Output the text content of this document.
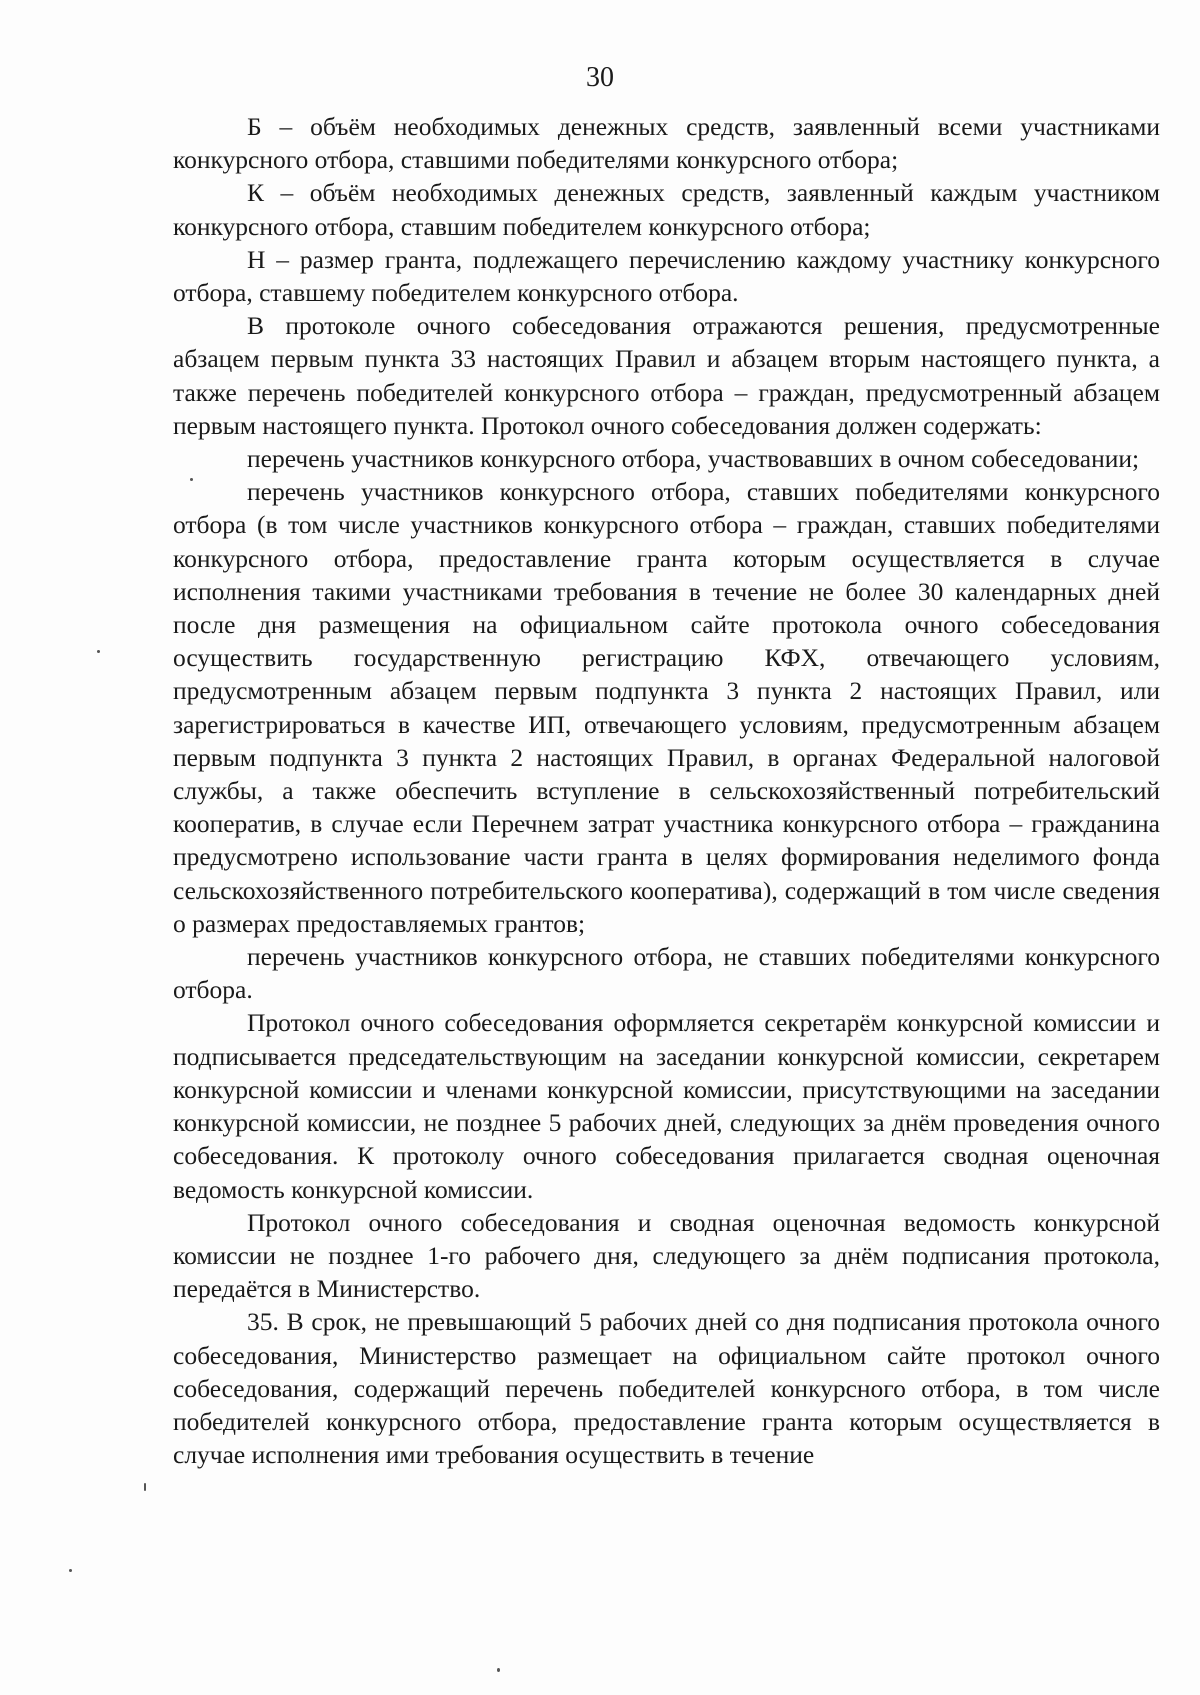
30

Б – объём необходимых денежных средств, заявленный всеми участниками конкурсного отбора, ставшими победителями конкурсного отбора;

К – объём необходимых денежных средств, заявленный каждым участником конкурсного отбора, ставшим победителем конкурсного отбора;

Н – размер гранта, подлежащего перечислению каждому участнику конкурсного отбора, ставшему победителем конкурсного отбора.

В протоколе очного собеседования отражаются решения, предусмотренные абзацем первым пункта 33 настоящих Правил и абзацем вторым настоящего пункта, а также перечень победителей конкурсного отбора – граждан, предусмотренный абзацем первым настоящего пункта. Протокол очного собеседования должен содержать:

перечень участников конкурсного отбора, участвовавших в очном собеседовании;

перечень участников конкурсного отбора, ставших победителями конкурсного отбора (в том числе участников конкурсного отбора – граждан, ставших победителями конкурсного отбора, предоставление гранта которым осуществляется в случае исполнения такими участниками требования в течение не более 30 календарных дней после дня размещения на официальном сайте протокола очного собеседования осуществить государственную регистрацию КФХ, отвечающего условиям, предусмотренным абзацем первым подпункта 3 пункта 2 настоящих Правил, или зарегистрироваться в качестве ИП, отвечающего условиям, предусмотренным абзацем первым подпункта 3 пункта 2 настоящих Правил, в органах Федеральной налоговой службы, а также обеспечить вступление в сельскохозяйственный потребительский кооператив, в случае если Перечнем затрат участника конкурсного отбора – гражданина предусмотрено использование части гранта в целях формирования неделимого фонда сельскохозяйственного потребительского кооператива), содержащий в том числе сведения о размерах предоставляемых грантов;

перечень участников конкурсного отбора, не ставших победителями конкурсного отбора.

Протокол очного собеседования оформляется секретарём конкурсной комиссии и подписывается председательствующим на заседании конкурсной комиссии, секретарем конкурсной комиссии и членами конкурсной комиссии, присутствующими на заседании конкурсной комиссии, не позднее 5 рабочих дней, следующих за днём проведения очного собеседования. К протоколу очного собеседования прилагается сводная оценочная ведомость конкурсной комиссии.

Протокол очного собеседования и сводная оценочная ведомость конкурсной комиссии не позднее 1-го рабочего дня, следующего за днём подписания протокола, передаётся в Министерство.

35. В срок, не превышающий 5 рабочих дней со дня подписания протокола очного собеседования, Министерство размещает на официальном сайте протокол очного собеседования, содержащий перечень победителей конкурсного отбора, в том числе победителей конкурсного отбора, предоставление гранта которым осуществляется в случае исполнения ими требования осуществить в течение
